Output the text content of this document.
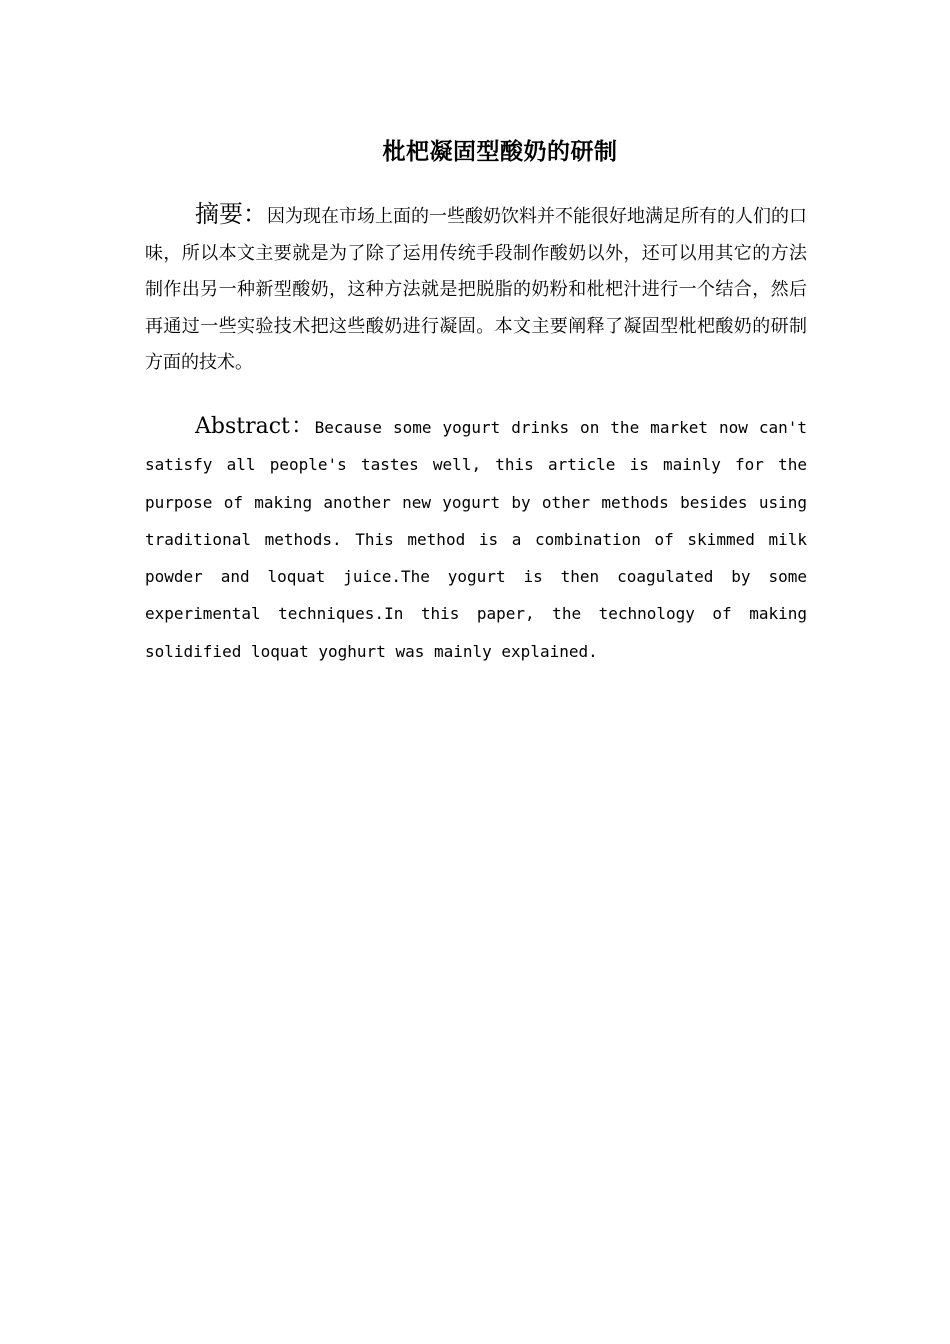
枇杷凝固型酸奶的研制

摘要：因为现在市场上面的一些酸奶饮料并不能很好地满足所有的人们的口味，所以本文主要就是为了除了运用传统手段制作酸奶以外，还可以用其它的方法制作出另一种新型酸奶，这种方法就是把脱脂的奶粉和枇杷汁进行一个结合，然后再通过一些实验技术把这些酸奶进行凝固。本文主要阐释了凝固型枇杷酸奶的研制方面的技术。

Abstract：Because some yogurt drinks on the market now can't satisfy all people's tastes well, this article is mainly for the purpose of making another new yogurt by other methods besides using traditional methods. This method is a combination of skimmed milk powder and loquat juice.The yogurt is then coagulated by some experimental techniques.In this paper, the technology of making solidified loquat yoghurt was mainly explained.
